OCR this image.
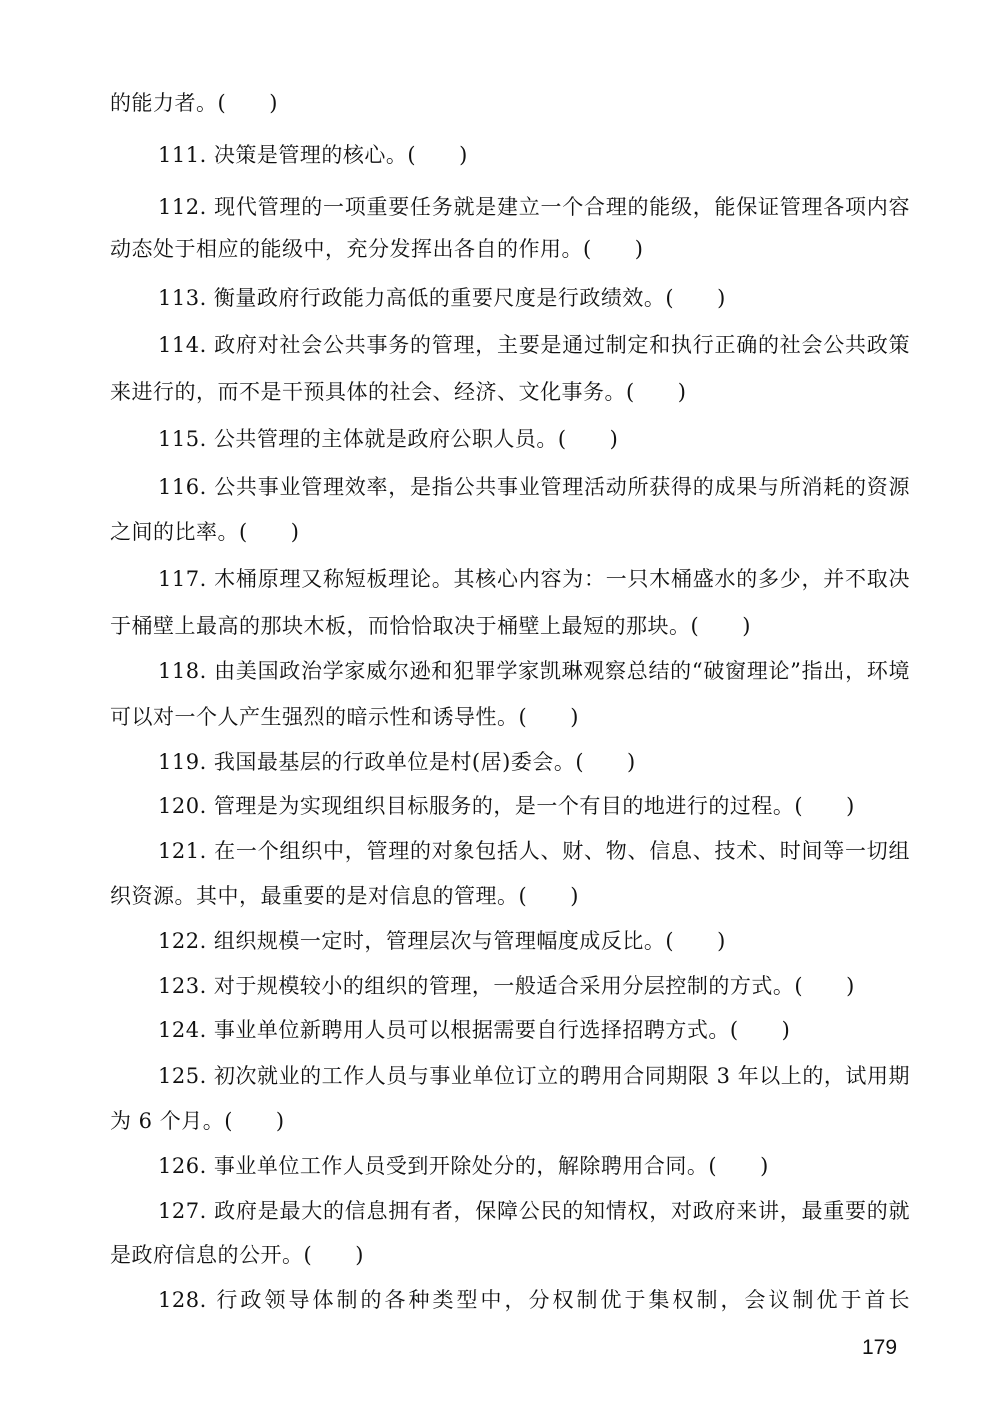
的能力者。(　　)
111. 决策是管理的核心。(　　)
112. 现代管理的一项重要任务就是建立一个合理的能级，能保证管理各项内容
动态处于相应的能级中，充分发挥出各自的作用。(　　)
113. 衡量政府行政能力高低的重要尺度是行政绩效。(　　)
114. 政府对社会公共事务的管理，主要是通过制定和执行正确的社会公共政策
来进行的，而不是干预具体的社会、经济、文化事务。(　　)
115. 公共管理的主体就是政府公职人员。(　　)
116. 公共事业管理效率，是指公共事业管理活动所获得的成果与所消耗的资源
之间的比率。(　　)
117. 木桶原理又称短板理论。其核心内容为：一只木桶盛水的多少，并不取决
于桶壁上最高的那块木板，而恰恰取决于桶壁上最短的那块。(　　)
118. 由美国政治学家威尔逊和犯罪学家凯琳观察总结的“破窗理论”指出，环境
可以对一个人产生强烈的暗示性和诱导性。(　　)
119. 我国最基层的行政单位是村(居)委会。(　　)
120. 管理是为实现组织目标服务的，是一个有目的地进行的过程。(　　)
121. 在一个组织中，管理的对象包括人、财、物、信息、技术、时间等一切组
织资源。其中，最重要的是对信息的管理。(　　)
122. 组织规模一定时，管理层次与管理幅度成反比。(　　)
123. 对于规模较小的组织的管理，一般适合采用分层控制的方式。(　　)
124. 事业单位新聘用人员可以根据需要自行选择招聘方式。(　　)
125. 初次就业的工作人员与事业单位订立的聘用合同期限 3 年以上的，试用期
为 6 个月。(　　)
126. 事业单位工作人员受到开除处分的，解除聘用合同。(　　)
127. 政府是最大的信息拥有者，保障公民的知情权，对政府来讲，最重要的就
是政府信息的公开。(　　)
128. 行政领导体制的各种类型中，分权制优于集权制，会议制优于首长
179
